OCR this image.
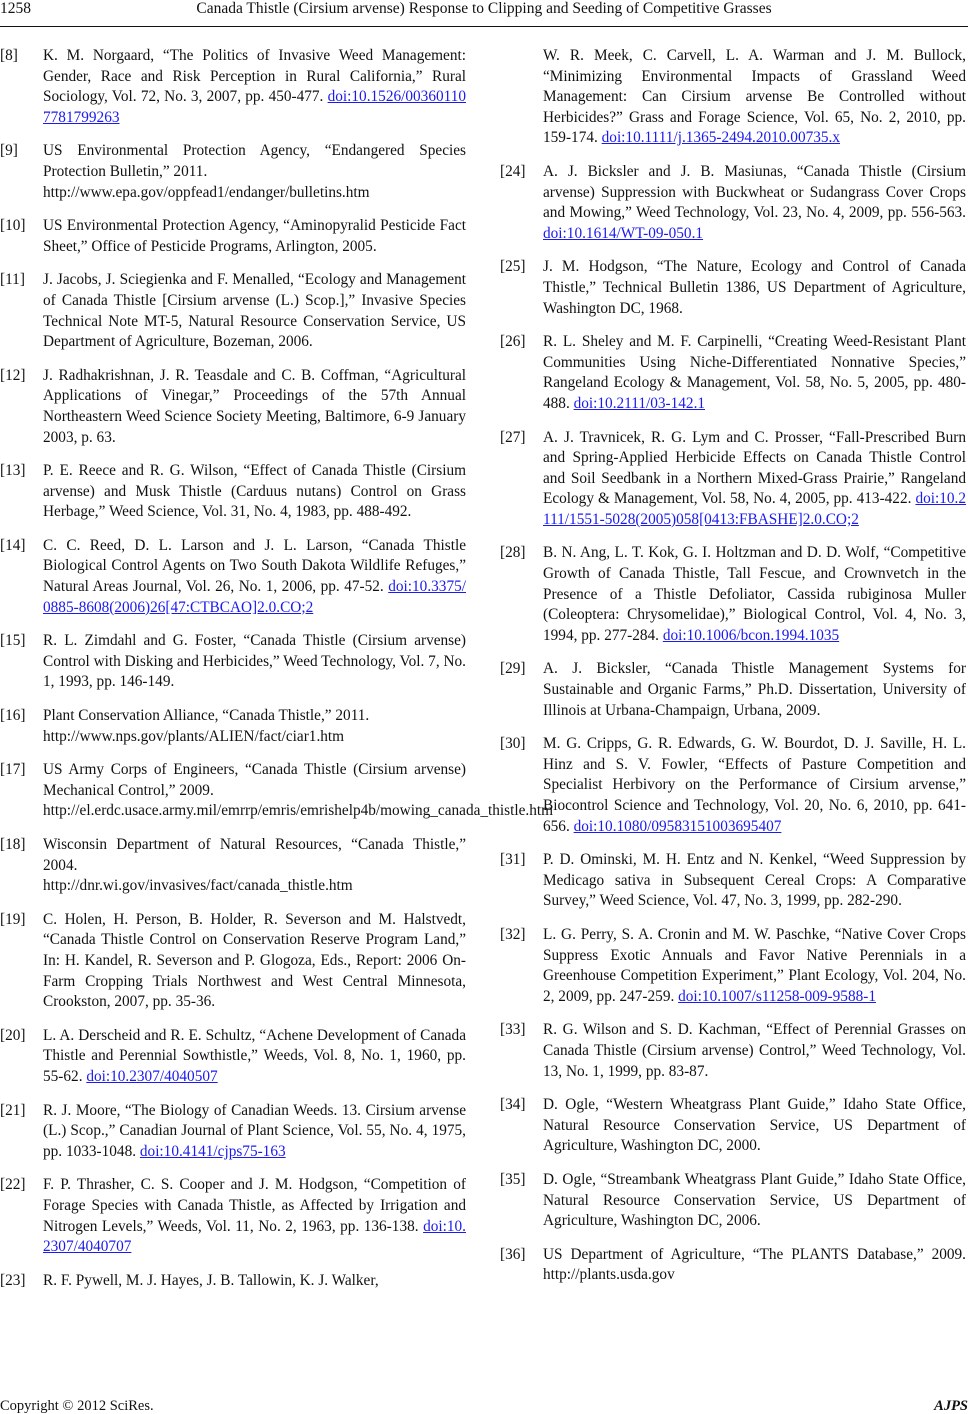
1258	Canada Thistle (Cirsium arvense) Response to Clipping and Seeding of Competitive Grasses
[8] K. M. Norgaard, “The Politics of Invasive Weed Management: Gender, Race and Risk Perception in Rural California,” Rural Sociology, Vol. 72, No. 3, 2007, pp. 450-477. doi:10.1526/003601107781799263
[9] US Environmental Protection Agency, “Endangered Species Protection Bulletin,” 2011.
http://www.epa.gov/oppfead1/endanger/bulletins.htm
[10] US Environmental Protection Agency, “Aminopyralid Pesticide Fact Sheet,” Office of Pesticide Programs, Arlington, 2005.
[11] J. Jacobs, J. Sciegienka and F. Menalled, “Ecology and Management of Canada Thistle [Cirsium arvense (L.) Scop.],” Invasive Species Technical Note MT-5, Natural Resource Conservation Service, US Department of Agriculture, Bozeman, 2006.
[12] J. Radhakrishnan, J. R. Teasdale and C. B. Coffman, “Agricultural Applications of Vinegar,” Proceedings of the 57th Annual Northeastern Weed Science Society Meeting, Baltimore, 6-9 January 2003, p. 63.
[13] P. E. Reece and R. G. Wilson, “Effect of Canada Thistle (Cirsium arvense) and Musk Thistle (Carduus nutans) Control on Grass Herbage,” Weed Science, Vol. 31, No. 4, 1983, pp. 488-492.
[14] C. C. Reed, D. L. Larson and J. L. Larson, “Canada Thistle Biological Control Agents on Two South Dakota Wildlife Refuges,” Natural Areas Journal, Vol. 26, No. 1, 2006, pp. 47-52. doi:10.3375/0885-8608(2006)26[47:CTBCAO]2.0.CO;2
[15] R. L. Zimdahl and G. Foster, “Canada Thistle (Cirsium arvense) Control with Disking and Herbicides,” Weed Technology, Vol. 7, No. 1, 1993, pp. 146-149.
[16] Plant Conservation Alliance, “Canada Thistle,” 2011.
http://www.nps.gov/plants/ALIEN/fact/ciar1.htm
[17] US Army Corps of Engineers, “Canada Thistle (Cirsium arvense) Mechanical Control,” 2009.
http://el.erdc.usace.army.mil/emrrp/emris/emrishelp4b/mowing_canada_thistle.htm
[18] Wisconsin Department of Natural Resources, “Canada Thistle,” 2004.
http://dnr.wi.gov/invasives/fact/canada_thistle.htm
[19] C. Holen, H. Person, B. Holder, R. Severson and M. Halstvedt, “Canada Thistle Control on Conservation Reserve Program Land,” In: H. Kandel, R. Severson and P. Glogoza, Eds., Report: 2006 On-Farm Cropping Trials Northwest and West Central Minnesota, Crookston, 2007, pp. 35-36.
[20] L. A. Derscheid and R. E. Schultz, “Achene Development of Canada Thistle and Perennial Sowthistle,” Weeds, Vol. 8, No. 1, 1960, pp. 55-62. doi:10.2307/4040507
[21] R. J. Moore, “The Biology of Canadian Weeds. 13. Cirsium arvense (L.) Scop.,” Canadian Journal of Plant Science, Vol. 55, No. 4, 1975, pp. 1033-1048. doi:10.4141/cjps75-163
[22] F. P. Thrasher, C. S. Cooper and J. M. Hodgson, “Competition of Forage Species with Canada Thistle, as Affected by Irrigation and Nitrogen Levels,” Weeds, Vol. 11, No. 2, 1963, pp. 136-138. doi:10.2307/4040707
[23] R. F. Pywell, M. J. Hayes, J. B. Tallowin, K. J. Walker,
W. R. Meek, C. Carvell, L. A. Warman and J. M. Bullock, “Minimizing Environmental Impacts of Grassland Weed Management: Can Cirsium arvense Be Controlled without Herbicides?” Grass and Forage Science, Vol. 65, No. 2, 2010, pp. 159-174. doi:10.1111/j.1365-2494.2010.00735.x
[24] A. J. Bicksler and J. B. Masiunas, “Canada Thistle (Cirsium arvense) Suppression with Buckwheat or Sudangrass Cover Crops and Mowing,” Weed Technology, Vol. 23, No. 4, 2009, pp. 556-563. doi:10.1614/WT-09-050.1
[25] J. M. Hodgson, “The Nature, Ecology and Control of Canada Thistle,” Technical Bulletin 1386, US Department of Agriculture, Washington DC, 1968.
[26] R. L. Sheley and M. F. Carpinelli, “Creating Weed-Resistant Plant Communities Using Niche-Differentiated Nonnative Species,” Rangeland Ecology & Management, Vol. 58, No. 5, 2005, pp. 480-488. doi:10.2111/03-142.1
[27] A. J. Travnicek, R. G. Lym and C. Prosser, “Fall-Prescribed Burn and Spring-Applied Herbicide Effects on Canada Thistle Control and Soil Seedbank in a Northern Mixed-Grass Prairie,” Rangeland Ecology & Management, Vol. 58, No. 4, 2005, pp. 413-422. doi:10.2111/1551-5028(2005)058[0413:FBASHE]2.0.CO;2
[28] B. N. Ang, L. T. Kok, G. I. Holtzman and D. D. Wolf, “Competitive Growth of Canada Thistle, Tall Fescue, and Crownvetch in the Presence of a Thistle Defoliator, Cassida rubiginosa Muller (Coleoptera: Chrysomelidae),” Biological Control, Vol. 4, No. 3, 1994, pp. 277-284. doi:10.1006/bcon.1994.1035
[29] A. J. Bicksler, “Canada Thistle Management Systems for Sustainable and Organic Farms,” Ph.D. Dissertation, University of Illinois at Urbana-Champaign, Urbana, 2009.
[30] M. G. Cripps, G. R. Edwards, G. W. Bourdot, D. J. Saville, H. L. Hinz and S. V. Fowler, “Effects of Pasture Competition and Specialist Herbivory on the Performance of Cirsium arvense,” Biocontrol Science and Technology, Vol. 20, No. 6, 2010, pp. 641-656. doi:10.1080/09583151003695407
[31] P. D. Ominski, M. H. Entz and N. Kenkel, “Weed Suppression by Medicago sativa in Subsequent Cereal Crops: A Comparative Survey,” Weed Science, Vol. 47, No. 3, 1999, pp. 282-290.
[32] L. G. Perry, S. A. Cronin and M. W. Paschke, “Native Cover Crops Suppress Exotic Annuals and Favor Native Perennials in a Greenhouse Competition Experiment,” Plant Ecology, Vol. 204, No. 2, 2009, pp. 247-259. doi:10.1007/s11258-009-9588-1
[33] R. G. Wilson and S. D. Kachman, “Effect of Perennial Grasses on Canada Thistle (Cirsium arvense) Control,” Weed Technology, Vol. 13, No. 1, 1999, pp. 83-87.
[34] D. Ogle, “Western Wheatgrass Plant Guide,” Idaho State Office, Natural Resource Conservation Service, US Department of Agriculture, Washington DC, 2000.
[35] D. Ogle, “Streambank Wheatgrass Plant Guide,” Idaho State Office, Natural Resource Conservation Service, US Department of Agriculture, Washington DC, 2006.
[36] US Department of Agriculture, “The PLANTS Database,” 2009. http://plants.usda.gov
Copyright © 2012 SciRes.	AJPS
